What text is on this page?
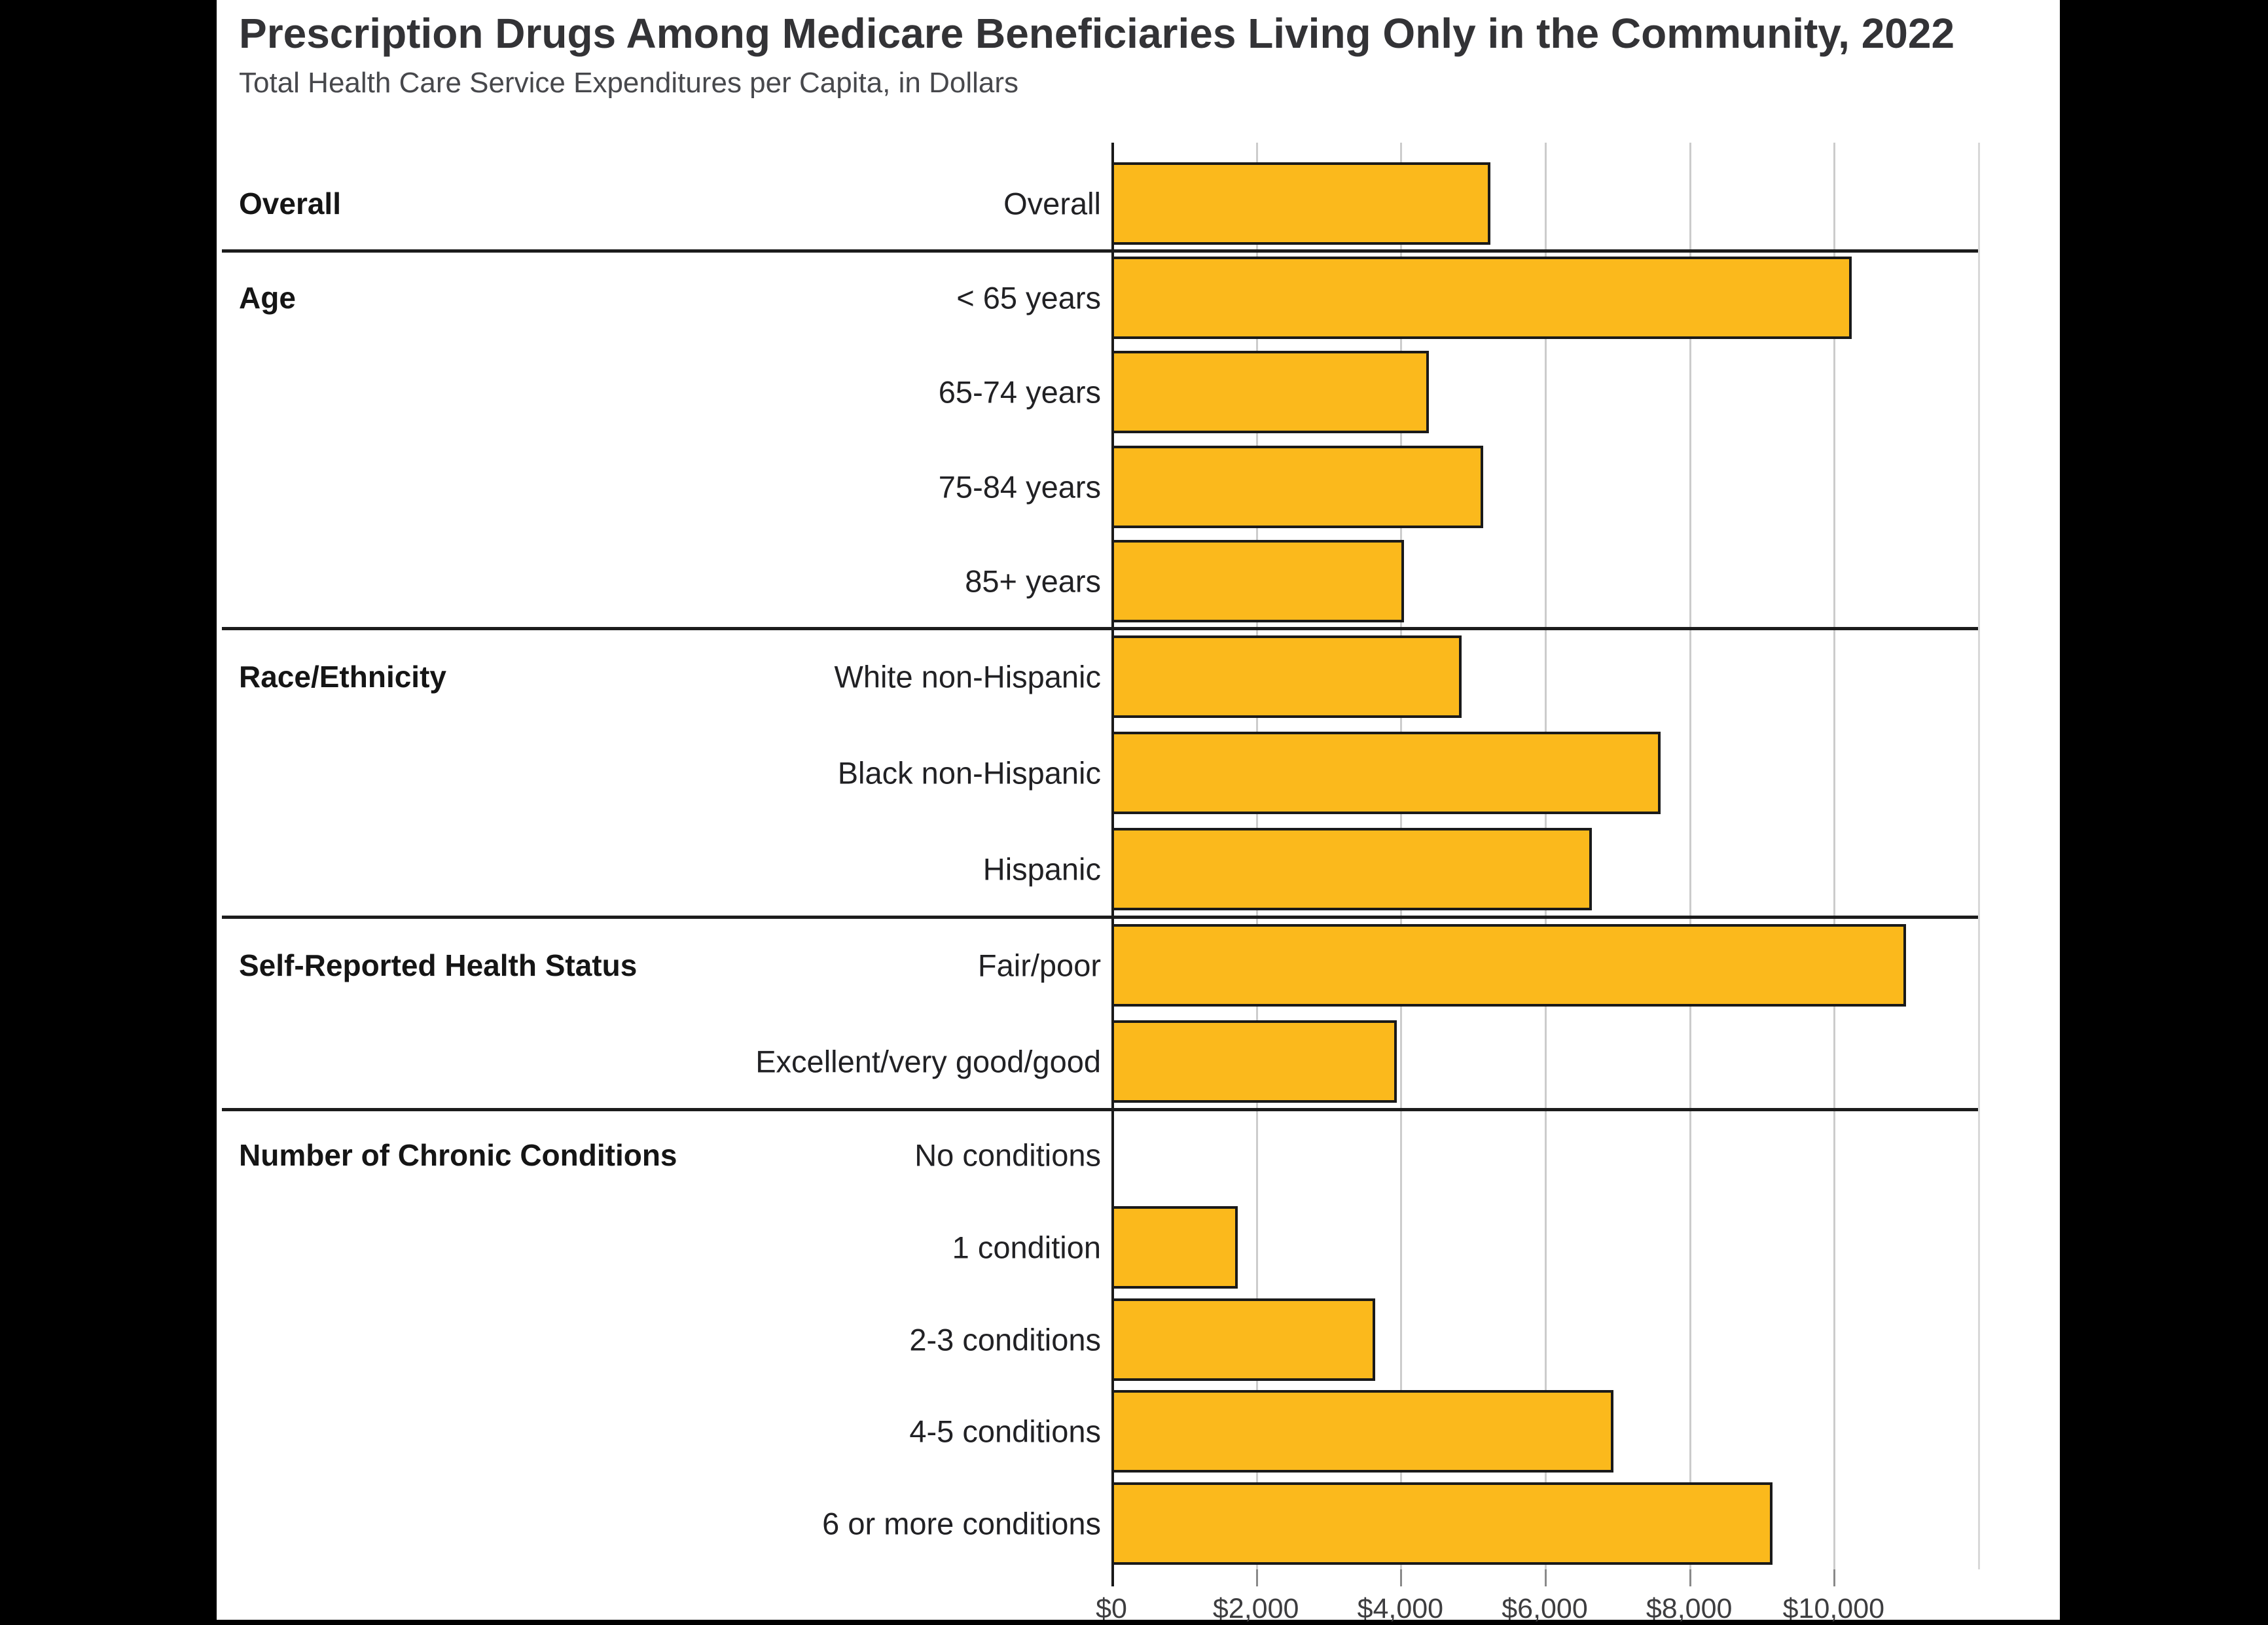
Prescription Drugs Among Medicare Beneficiaries Living Only in the Community, 2022
Total Health Care Service Expenditures per Capita, in Dollars
$0	$2,000 $4,000 $6,000 $8,000 $10,000
Overall	Overall
Age	< 65 years
65-74 years
75-84 years
85+ years
Race/Ethnicity	White non-Hispanic
Black non-Hispanic
Hispanic
Self-Reported Health Status	Fair/poor
Excellent/very good/good
Number of Chronic Conditions	No conditions
1 condition
2-3 conditions
4-5 conditions
6 or more conditions
